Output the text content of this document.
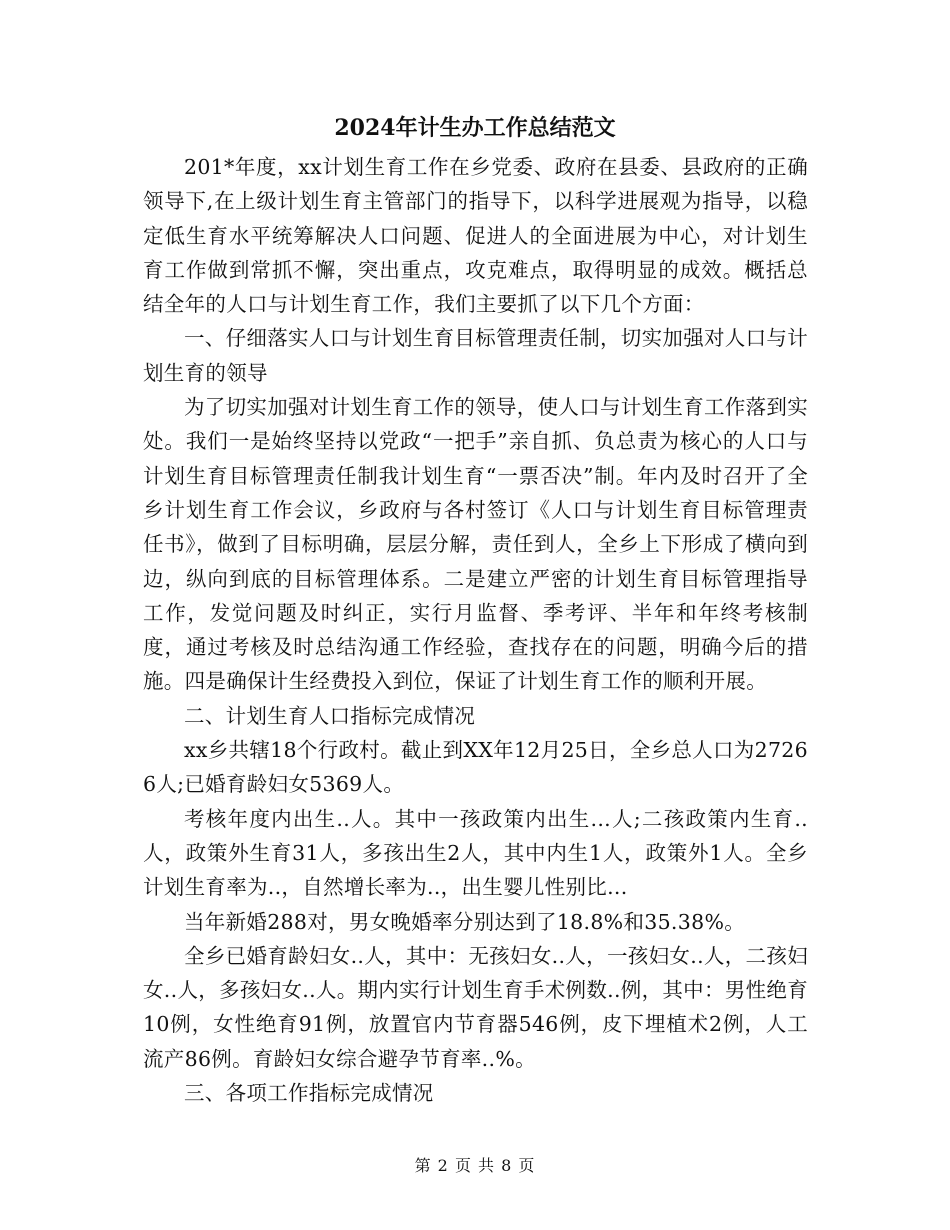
2024年计生办工作总结范文

201*年度，xx计划生育工作在乡党委、政府在县委、县政府的正确领导下,在上级计划生育主管部门的指导下，以科学进展观为指导，以稳定低生育水平统筹解决人口问题、促进人的全面进展为中心，对计划生育工作做到常抓不懈，突出重点，攻克难点，取得明显的成效。概括总结全年的人口与计划生育工作，我们主要抓了以下几个方面：

一、仔细落实人口与计划生育目标管理责任制，切实加强对人口与计划生育的领导

为了切实加强对计划生育工作的领导，使人口与计划生育工作落到实处。我们一是始终坚持以党政“一把手”亲自抓、负总责为核心的人口与计划生育目标管理责任制我计划生育“一票否决”制。年内及时召开了全乡计划生育工作会议，乡政府与各村签订《人口与计划生育目标管理责任书》，做到了目标明确，层层分解，责任到人，全乡上下形成了横向到边，纵向到底的目标管理体系。二是建立严密的计划生育目标管理指导工作，发觉问题及时纠正，实行月监督、季考评、半年和年终考核制度，通过考核及时总结沟通工作经验，查找存在的问题，明确今后的措施。四是确保计生经费投入到位，保证了计划生育工作的顺利开展。

二、计划生育人口指标完成情况

xx乡共辖18个行政村。截止到XX年12月25日，全乡总人口为27266人;已婚育龄妇女5369人。

考核年度内出生..人。其中一孩政策内出生...人;二孩政策内生育..人，政策外生育31人，多孩出生2人，其中内生1人，政策外1人。全乡计划生育率为..，自然增长率为..，出生婴儿性别比...

当年新婚288对，男女晚婚率分别达到了18.8%和35.38%。

全乡已婚育龄妇女..人，其中：无孩妇女..人，一孩妇女..人，二孩妇女..人，多孩妇女..人。期内实行计划生育手术例数..例，其中：男性绝育10例，女性绝育91例，放置官内节育器546例，皮下埋植术2例，人工流产86例。育龄妇女综合避孕节育率..%。

三、各项工作指标完成情况

第 2 页 共 8 页
